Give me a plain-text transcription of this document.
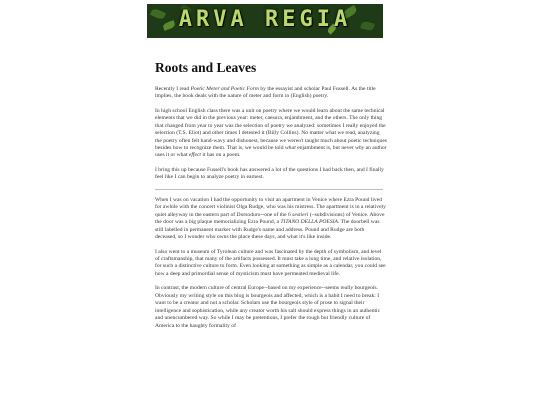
ARVA REGIA
Roots and Leaves

Recently I read Poetic Meter and Poetic Form by the essayist and scholar Paul Fussell. As the title implies, the book deals with the nature of meter and form in (English) poetry.

In high school English class there was a unit on poetry where we would learn about the same technical elements that we did in the previous year: meter, caesura, enjambment, and the others. The only thing that changed from year to year was the selection of poetry we analyzed: sometimes I really enjoyed the selection (T.S. Eliot) and other times I detested it (Billy Collins). No matter what we read, analyzing the poetry often felt hand-wavy and dishonest, because we weren't taught much about poetic techniques besides how to recognize them. That is, we would be told what enjambment is, but never why an author uses it or what effect it has on a poem.

I bring this up because Fussell's book has answered a lot of the questions I had back then, and I finally feel like I can begin to analyze poetry in earnest.

When I was on vacation I had the opportunity to visit an apartment in Venice where Ezra Pound lived for awhile with the concert violinist Olga Rudge, who was his mistress. The apartment is in a relatively quiet alleyway in the eastern part of Dorsoduro--one of the 6 sestieri (~subdivisions) of Venice. Above the door was a big plaque memorializing Ezra Pound, a TITANO DELLA POESIA. The doorbell was still labelled in permanent marker with Rudge's name and address. Pound and Rudge are both deceased, so I wonder who owns the place these days, and what it's like inside.

I also went to a museum of Tyrolean culture and was fascinated by the depth of symbolism, and level of craftsmanship, that many of the artifacts possessed. It must take a long time, and relative isolation, for such a distinctive culture to form. Even looking at something as simple as a calendar, you could see how a deep and primordial sense of mysticism must have permeated medieval life.

In contrast, the modern culture of central Europe--based on my experience--seems really bourgeois. Obviously my writing style on this blog is bourgeois and affected, which is a habit I need to break: I want to be a creator and not a scholar. Scholars use the bourgeois style of prose to signal their intelligence and sophistication, while any creator worth his salt should express things in an authentic and unencumbered way. So while I may be pretentious, I prefer the rough but friendly culture of America to the haughty formality of
